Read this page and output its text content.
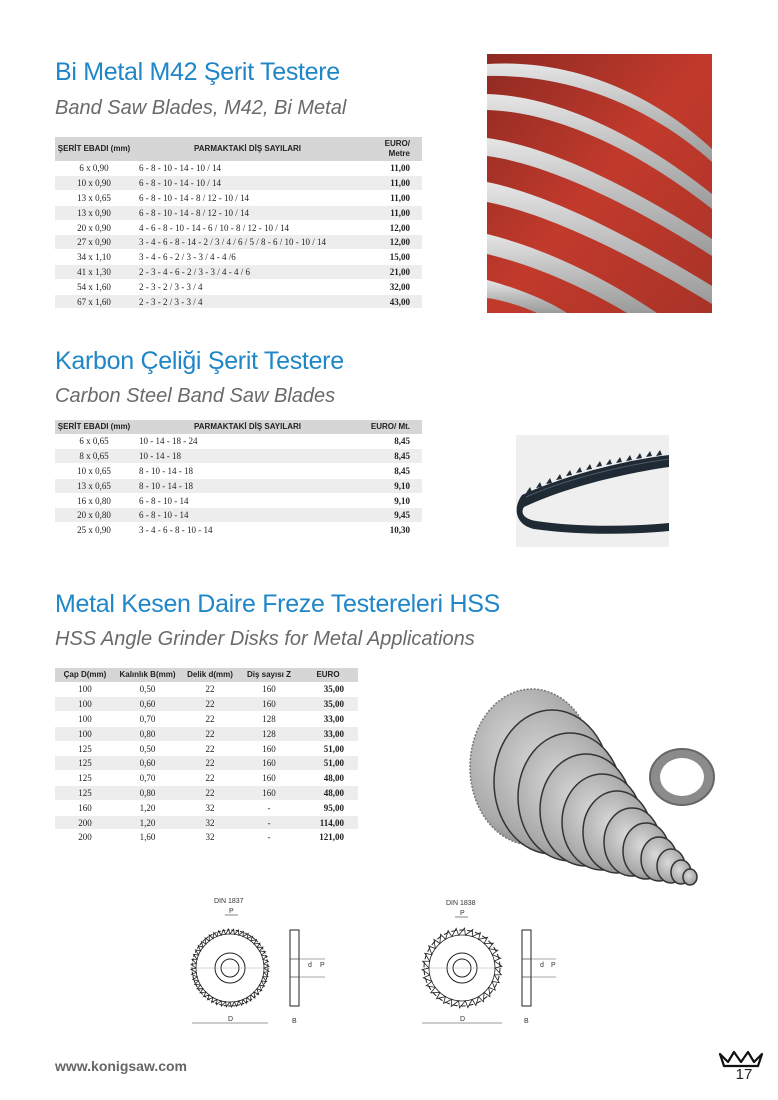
Bi Metal M42 Şerit Testere
Band Saw Blades, M42, Bi Metal
ŞERİT EBADI (mm)	PARMAKTAKİ DİŞ SAYILARI	EURO/ Metre
6 x 0,90	6 - 8 - 10 - 14 - 10 / 14	11,00
10 x 0,90	6 - 8 - 10 - 14 - 10 / 14	11,00
13 x 0,65	6 - 8 - 10 - 14 - 8 / 12 - 10 / 14	11,00
13 x 0,90	6 - 8 - 10 - 14 - 8 / 12 - 10 / 14	11,00
20 x 0,90	4 - 6 - 8 - 10 - 14 - 6 / 10 - 8 / 12 - 10 / 14	12,00
27 x 0,90	3 - 4 - 6 - 8 - 14 - 2 / 3 / 4 / 6 / 5 / 8 - 6 / 10 - 10 / 14	12,00
34 x 1,10	3 - 4 - 6 - 2 / 3 - 3 / 4 - 4 /6	15,00
41 x 1,30	2 - 3 - 4 - 6 - 2 / 3 - 3 / 4 - 4 / 6	21,00
54 x 1,60	2 - 3 - 2 / 3 - 3 / 4	32,00
67 x 1,60	2 - 3 - 2 / 3 - 3 / 4	43,00
Karbon Çeliği Şerit Testere
Carbon Steel Band Saw Blades
ŞERİT EBADI (mm)	PARMAKTAKİ DİŞ SAYILARI	EURO/ Mt.
6 x 0,65	10 - 14 - 18 - 24	8,45
8 x 0,65	10 - 14 - 18	8,45
10 x 0,65	8 - 10 - 14 - 18	8,45
13 x 0,65	8 - 10 - 14 - 18	9,10
16 x 0,80	6 - 8 - 10 - 14	9,10
20 x 0,80	6 - 8 - 10 - 14	9,45
25 x 0,90	3 - 4 - 6 - 8 - 10 - 14	10,30
Metal Kesen Daire Freze Testereleri HSS
HSS Angle Grinder Disks for Metal Applications
Çap D(mm)	Kalınlık B(mm)	Delik d(mm)	Diş sayısı Z	EURO
100	0,50	22	160	35,00
100	0,60	22	160	35,00
100	0,70	22	128	33,00
100	0,80	22	128	33,00
125	0,50	22	160	51,00
125	0,60	22	160	51,00
125	0,70	22	160	48,00
125	0,80	22	160	48,00
160	1,20	32	-	95,00
200	1,20	32	-	114,00
200	1,60	32	-	121,00
DIN 1837
P
D
d P
B
DIN 1838
P
D
d P
B
www.konigsaw.com	17
